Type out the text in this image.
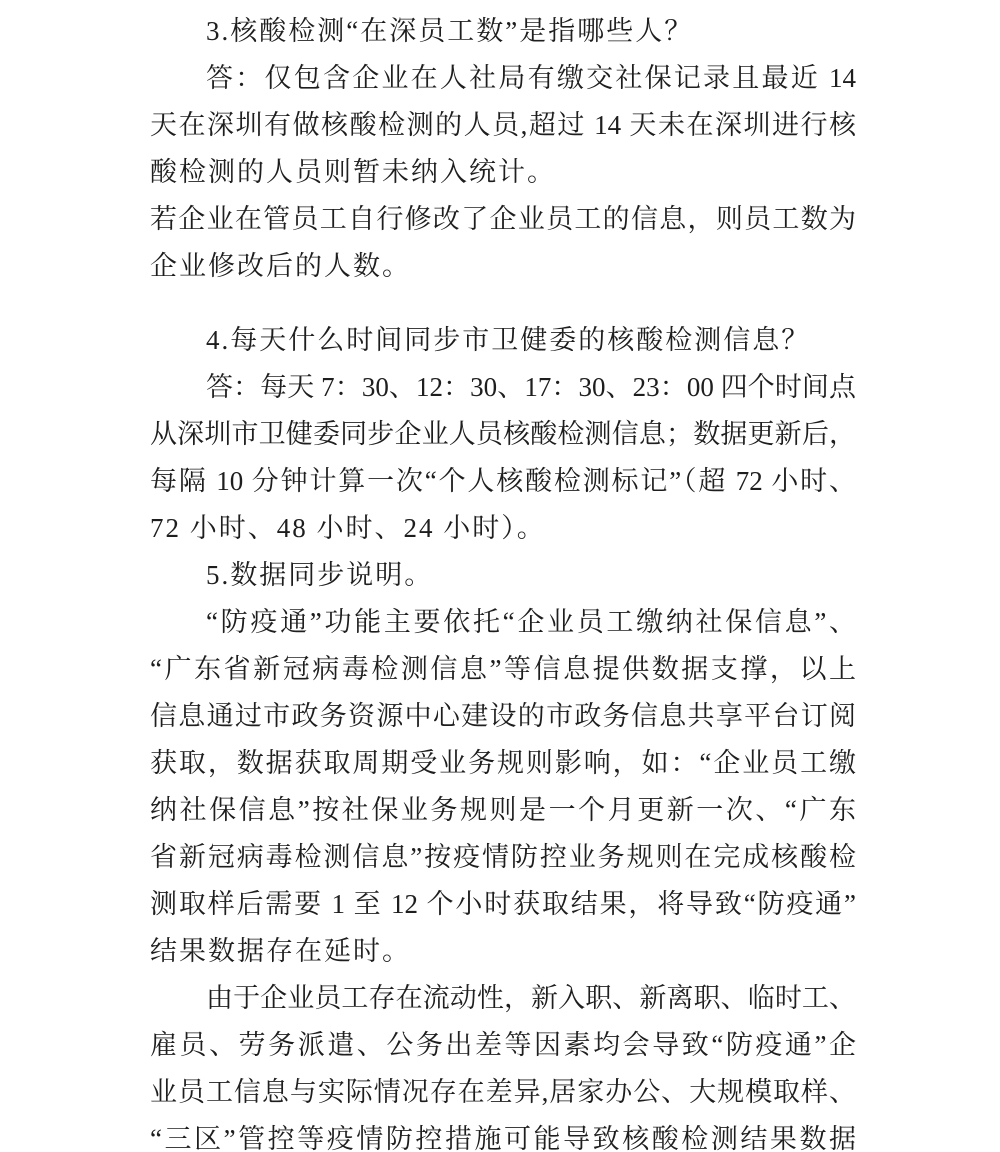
3.核酸检测“在深员工数”是指哪些人？
答：仅包含企业在人社局有缴交社保记录且最近 14
天在深圳有做核酸检测的人员,超过 14 天未在深圳进行核
酸检测的人员则暂未纳入统计。
若企业在管员工自行修改了企业员工的信息，则员工数为
企业修改后的人数。
4.每天什么时间同步市卫健委的核酸检测信息？
答：每天 7：30、12：30、17：30、23：00 四个时间点
从深圳市卫健委同步企业人员核酸检测信息；数据更新后，
每隔 10 分钟计算一次“个人核酸检测标记”（超 72 小时、
72 小时、48 小时、24 小时）。
5.数据同步说明。
“防疫通”功能主要依托“企业员工缴纳社保信息”、
“广东省新冠病毒检测信息”等信息提供数据支撑，以上
信息通过市政务资源中心建设的市政务信息共享平台订阅
获取，数据获取周期受业务规则影响，如：“企业员工缴
纳社保信息”按社保业务规则是一个月更新一次、“广东
省新冠病毒检测信息”按疫情防控业务规则在完成核酸检
测取样后需要 1 至 12 个小时获取结果，将导致“防疫通”
结果数据存在延时。
由于企业员工存在流动性，新入职、新离职、临时工、
雇员、劳务派遣、公务出差等因素均会导致“防疫通”企
业员工信息与实际情况存在差异,居家办公、大规模取样、
“三区”管控等疫情防控措施可能导致核酸检测结果数据
